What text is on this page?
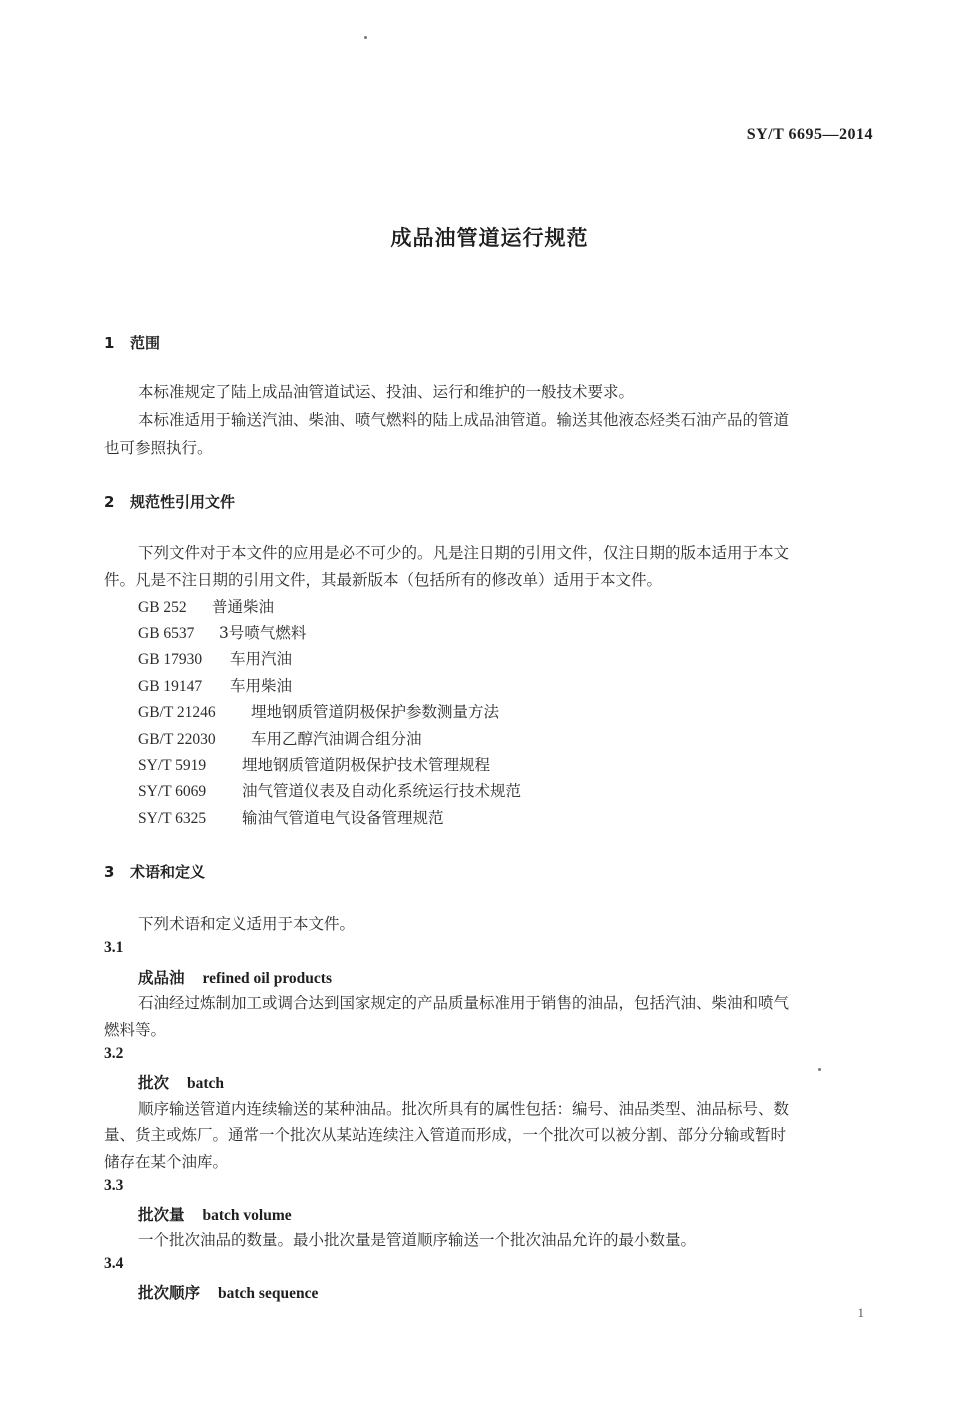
SY/T 6695—2014
成品油管道运行规范
1 范围
本标准规定了陆上成品油管道试运、投油、运行和维护的一般技术要求。
本标准适用于输送汽油、柴油、喷气燃料的陆上成品油管道。输送其他液态烃类石油产品的管道
也可参照执行。
2 规范性引用文件
下列文件对于本文件的应用是必不可少的。凡是注日期的引用文件，仅注日期的版本适用于本文
件。凡是不注日期的引用文件，其最新版本（包括所有的修改单）适用于本文件。
GB 252 普通柴油
GB 6537 3号喷气燃料
GB 17930 车用汽油
GB 19147 车用柴油
GB/T 21246 埋地钢质管道阴极保护参数测量方法
GB/T 22030 车用乙醇汽油调合组分油
SY/T 5919 埋地钢质管道阴极保护技术管理规程
SY/T 6069 油气管道仪表及自动化系统运行技术规范
SY/T 6325 输油气管道电气设备管理规范
3 术语和定义
下列术语和定义适用于本文件。
3.1
成品油 refined oil products
石油经过炼制加工或调合达到国家规定的产品质量标准用于销售的油品，包括汽油、柴油和喷气
燃料等。
3.2
批次 batch
顺序输送管道内连续输送的某种油品。批次所具有的属性包括：编号、油品类型、油品标号、数
量、货主或炼厂。通常一个批次从某站连续注入管道而形成，一个批次可以被分割、部分分输或暂时
储存在某个油库。
3.3
批次量 batch volume
一个批次油品的数量。最小批次量是管道顺序输送一个批次油品允许的最小数量。
3.4
批次顺序 batch sequence
1
